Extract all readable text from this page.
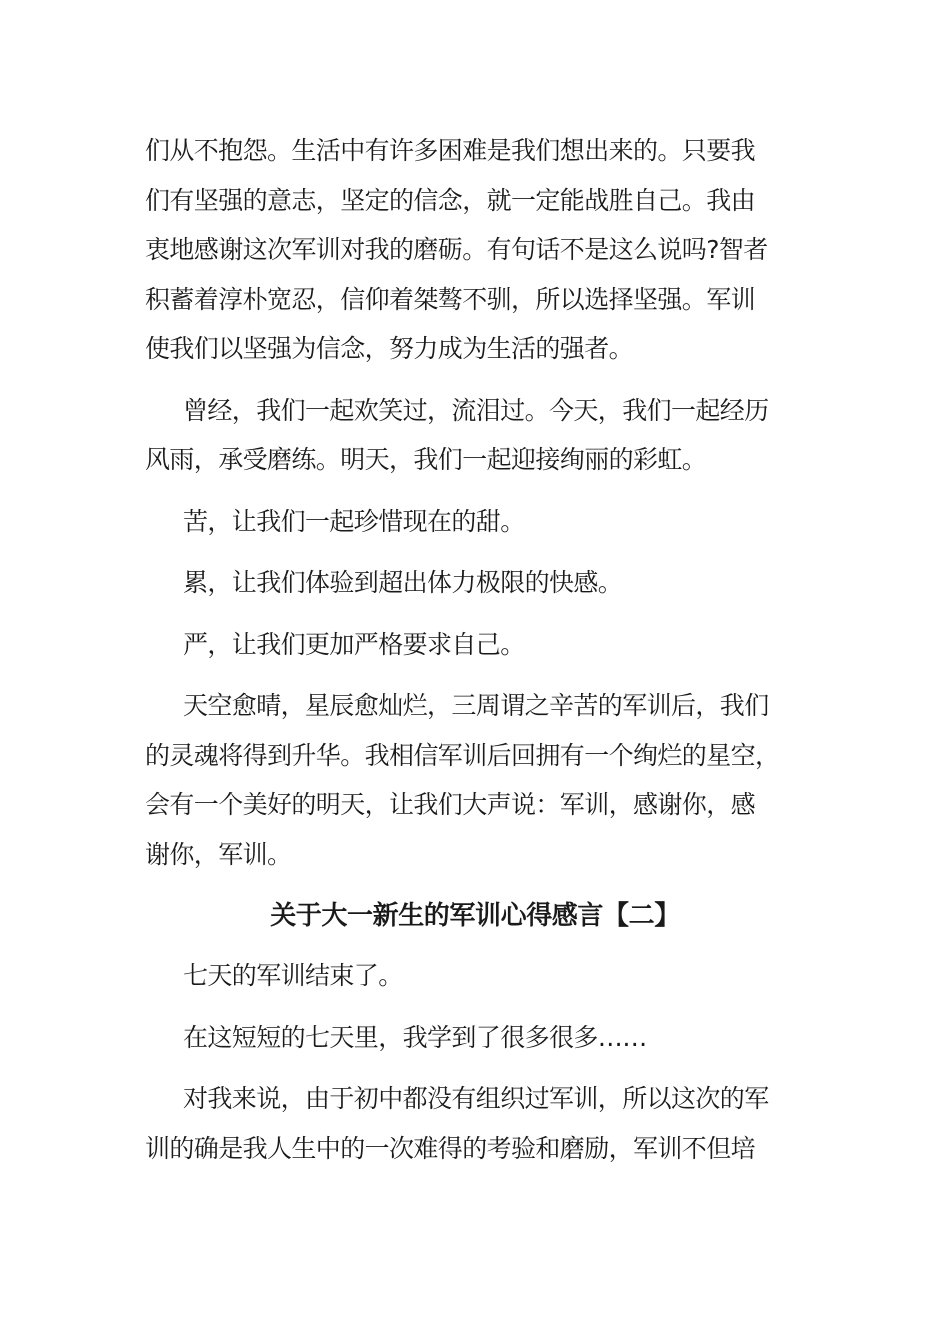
们从不抱怨。生活中有许多困难是我们想出来的。只要我
们有坚强的意志，坚定的信念，就一定能战胜自己。我由
衷地感谢这次军训对我的磨砺。有句话不是这么说吗?智者
积蓄着淳朴宽忍，信仰着桀骜不驯，所以选择坚强。军训
使我们以坚强为信念，努力成为生活的强者。
曾经，我们一起欢笑过，流泪过。今天，我们一起经历
风雨，承受磨练。明天，我们一起迎接绚丽的彩虹。
苦，让我们一起珍惜现在的甜。
累，让我们体验到超出体力极限的快感。
严，让我们更加严格要求自己。
天空愈晴，星辰愈灿烂，三周谓之辛苦的军训后，我们
的灵魂将得到升华。我相信军训后回拥有一个绚烂的星空，
会有一个美好的明天，让我们大声说：军训，感谢你，感
谢你，军训。
关于大一新生的军训心得感言【二】
七天的军训结束了。
在这短短的七天里，我学到了很多很多……
对我来说，由于初中都没有组织过军训，所以这次的军
训的确是我人生中的一次难得的考验和磨励，军训不但培
